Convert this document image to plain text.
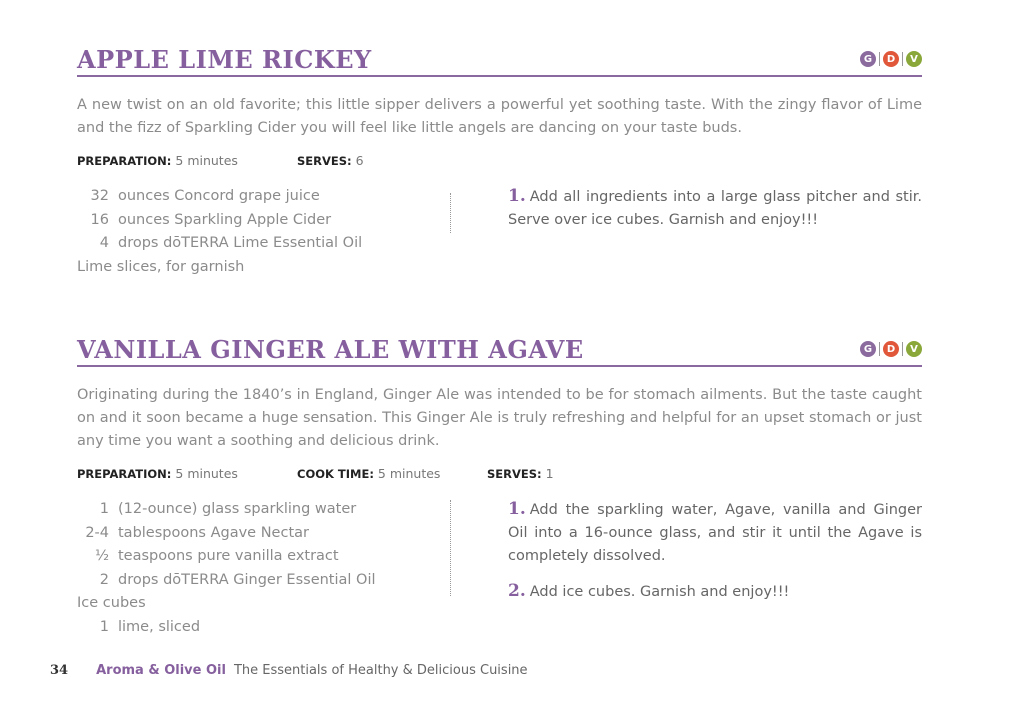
APPLE LIME RICKEY	G	D	V
A new twist on an old favorite; this little sipper delivers a powerful yet soothing taste. With the zingy flavor of Lime and the fizz of Sparkling Cider you will feel like little angels are dancing on your taste buds.
PREPARATION: 5 minutes	SERVES: 6
32 ounces Concord grape juice
16 ounces Sparkling Apple Cider
4 drops dōTERRA Lime Essential Oil
Lime slices, for garnish
1. Add all ingredients into a large glass pitcher and stir. Serve over ice cubes. Garnish and enjoy!!!
VANILLA GINGER ALE WITH AGAVE	G	D	V
Originating during the 1840’s in England, Ginger Ale was intended to be for stomach ailments. But the taste caught on and it soon became a huge sensation. This Ginger Ale is truly refreshing and helpful for an upset stomach or just any time you want a soothing and delicious drink.
PREPARATION: 5 minutes	COOK TIME: 5 minutes	SERVES: 1
1 (12-ounce) glass sparkling water
2-4 tablespoons Agave Nectar
½ teaspoons pure vanilla extract
2 drops dōTERRA Ginger Essential Oil
Ice cubes
1 lime, sliced
1. Add the sparkling water, Agave, vanilla and Ginger Oil into a 16-ounce glass, and stir it until the Agave is completely dissolved.
2. Add ice cubes. Garnish and enjoy!!!
34 Aroma & Olive Oil The Essentials of Healthy & Delicious Cuisine
